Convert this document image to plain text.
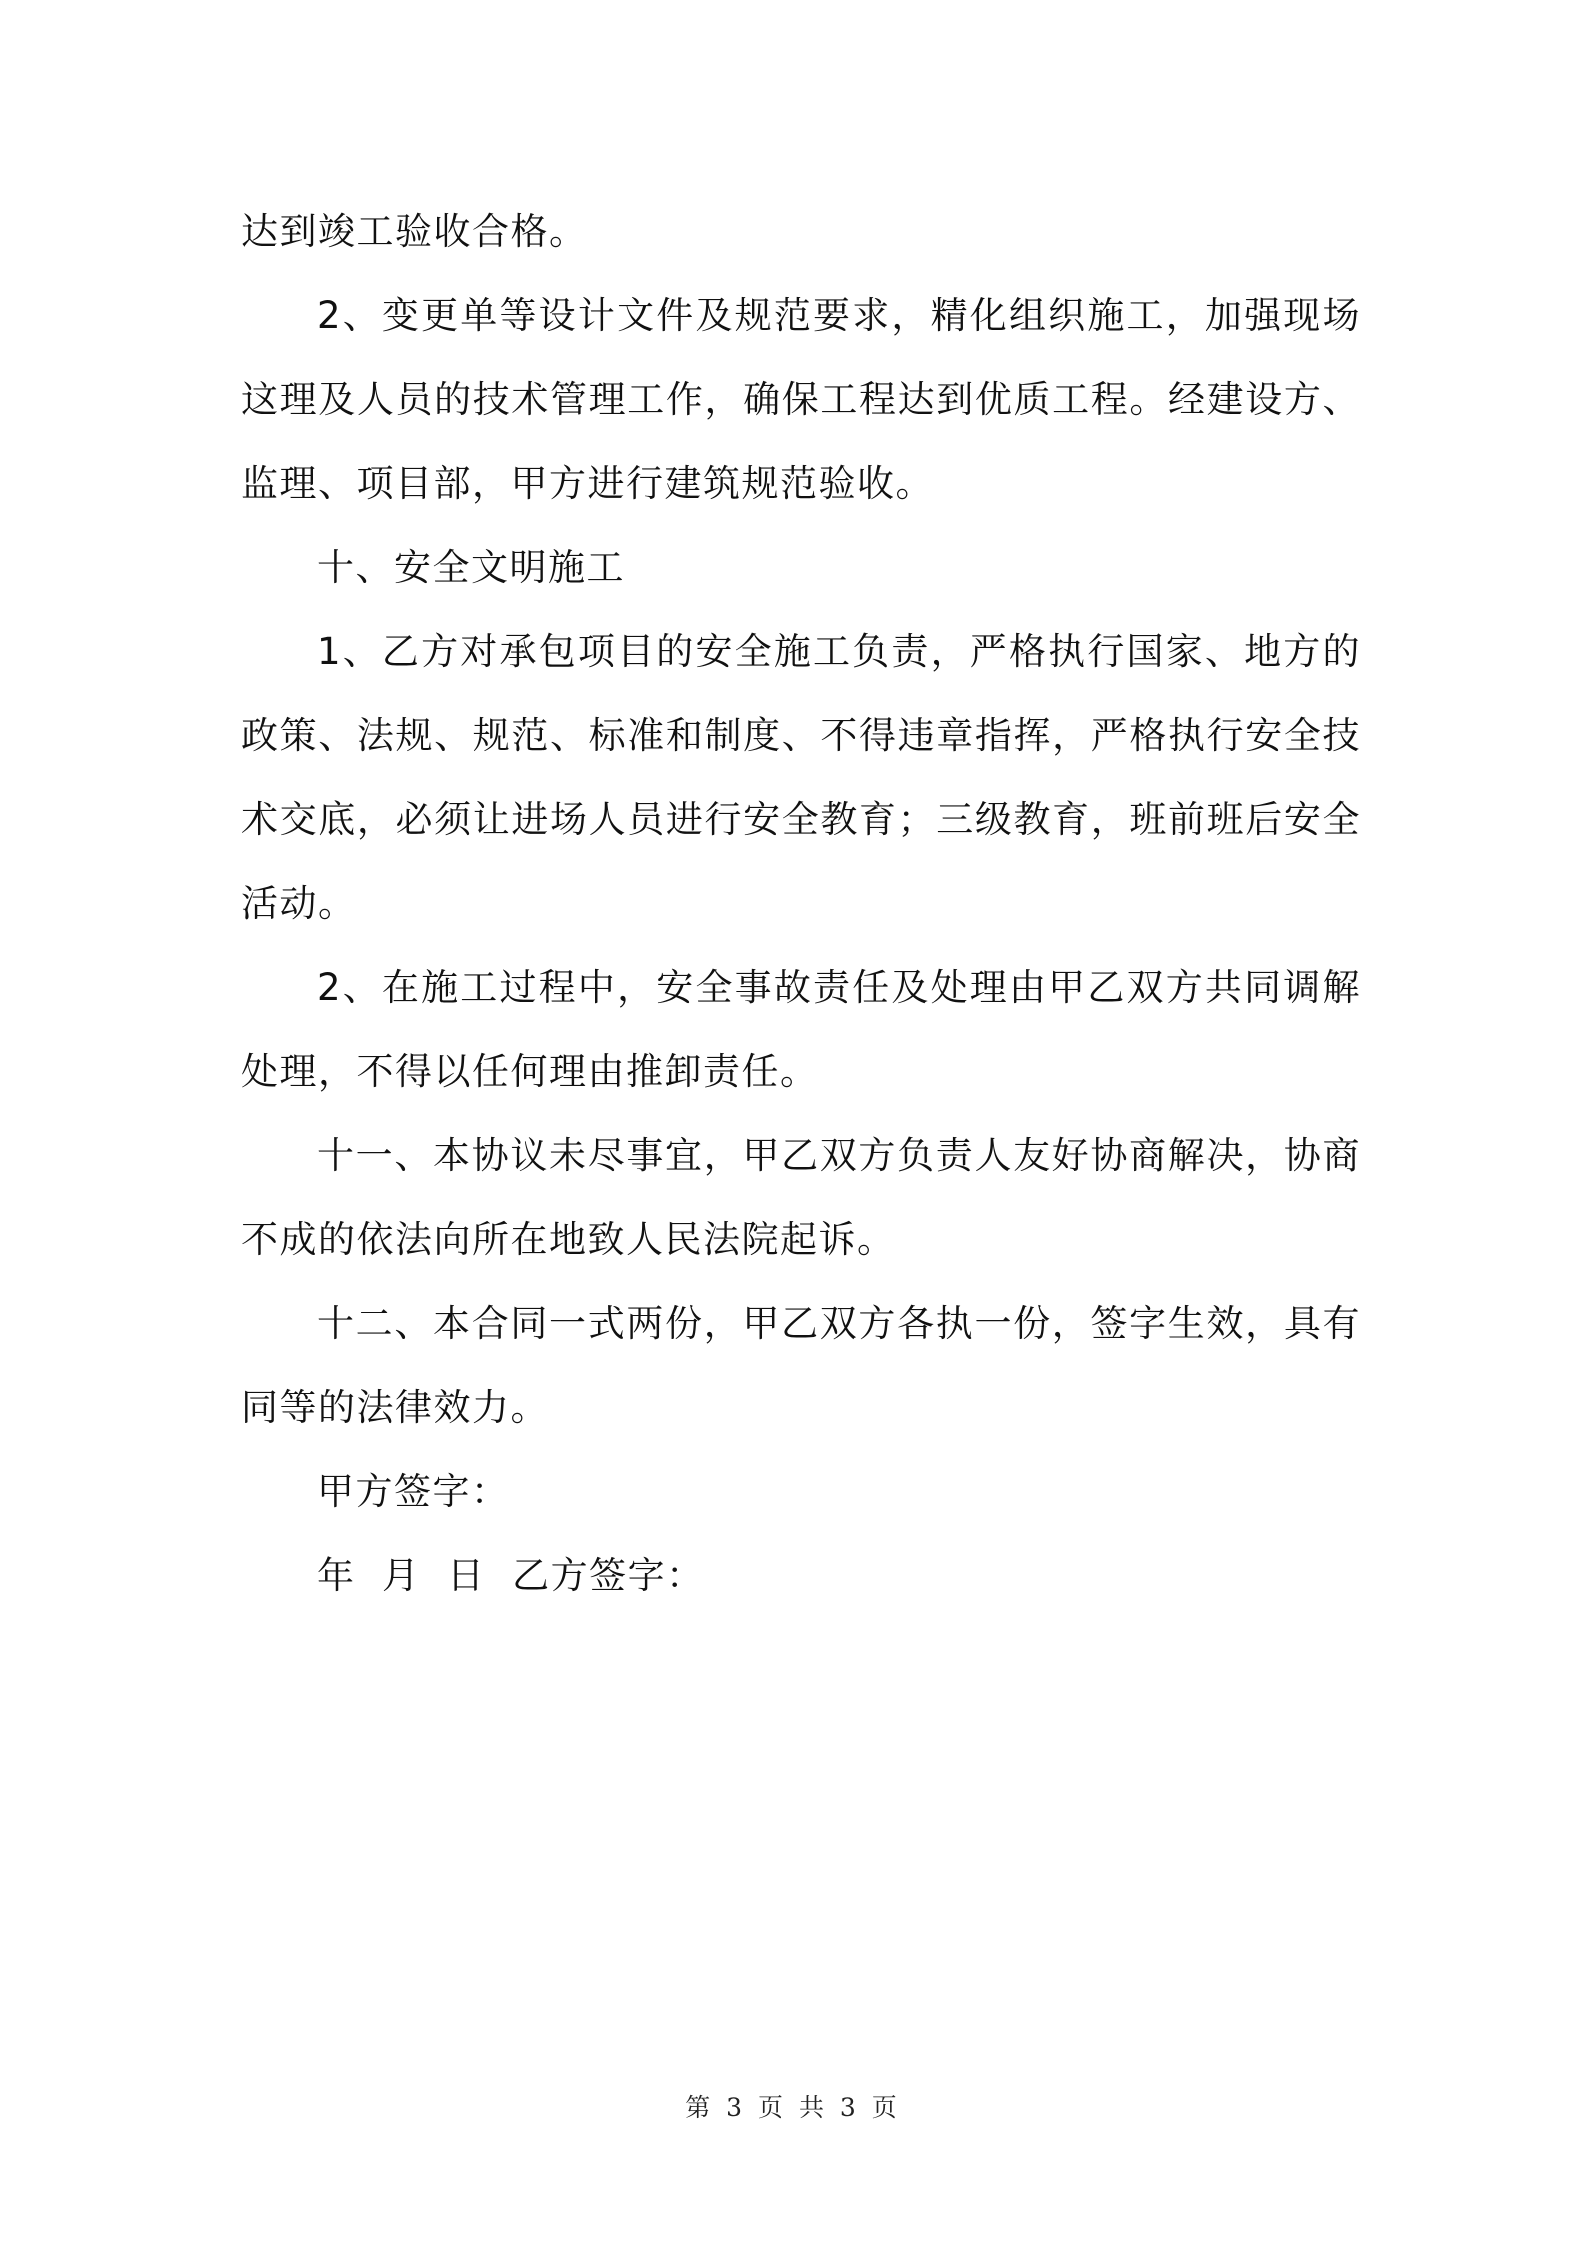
达到竣工验收合格。

2、变更单等设计文件及规范要求，精化组织施工，加强现场这理及人员的技术管理工作，确保工程达到优质工程。经建设方、监理、项目部，甲方进行建筑规范验收。

十、安全文明施工

1、乙方对承包项目的安全施工负责，严格执行国家、地方的政策、法规、规范、标准和制度、不得违章指挥，严格执行安全技术交底，必须让进场人员进行安全教育；三级教育，班前班后安全活动。

2、在施工过程中，安全事故责任及处理由甲乙双方共同调解处理，不得以任何理由推卸责任。

十一、本协议未尽事宜，甲乙双方负责人友好协商解决，协商不成的依法向所在地致人民法院起诉。

十二、本合同一式两份，甲乙双方各执一份，签字生效，具有同等的法律效力。

甲方签字：

年  月  日  乙方签字：

第 3 页 共 3 页
